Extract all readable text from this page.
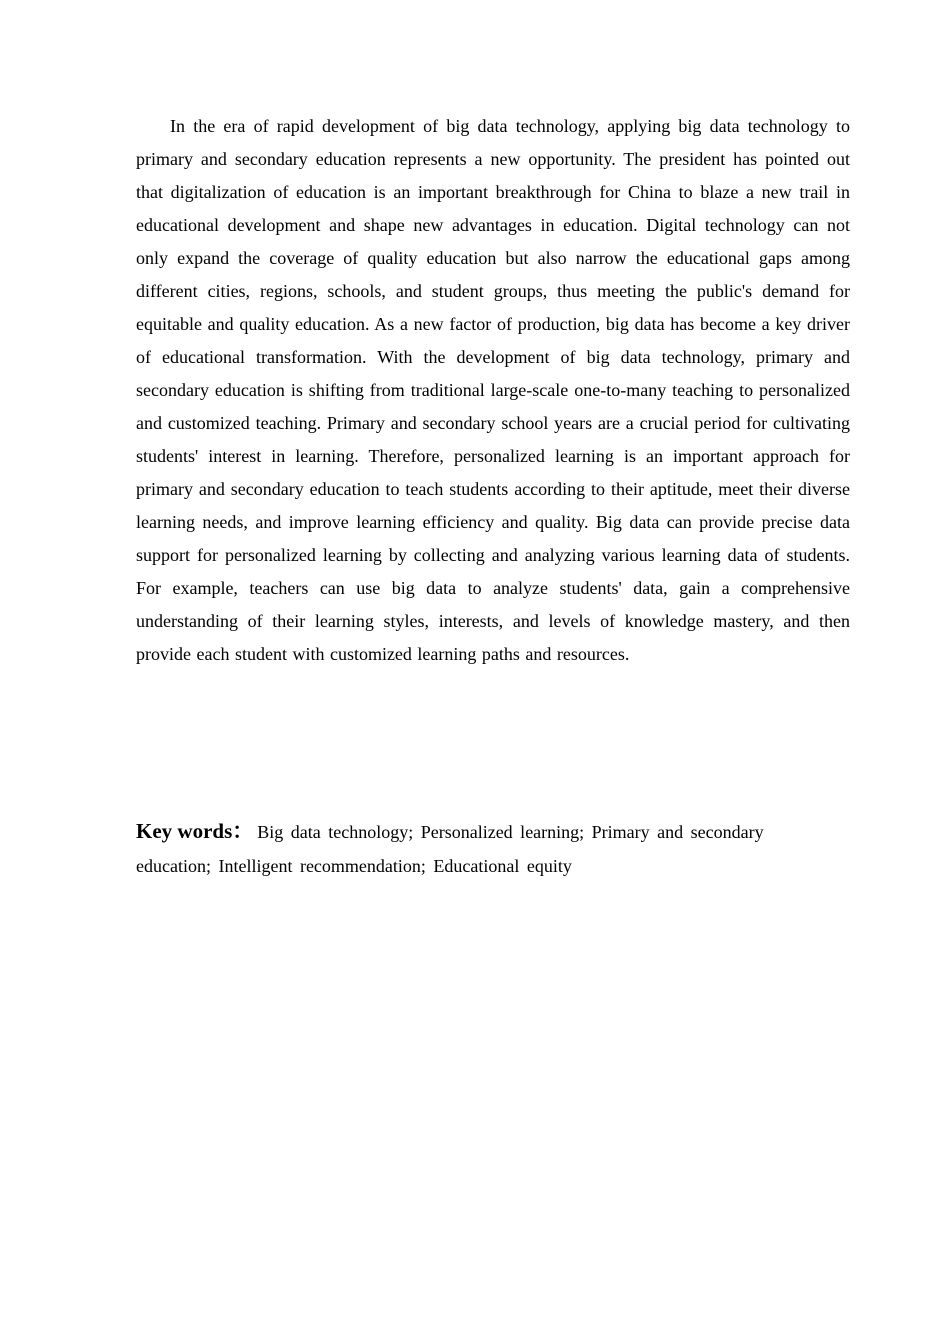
In the era of rapid development of big data technology, applying big data technology to primary and secondary education represents a new opportunity. The president has pointed out that digitalization of education is an important breakthrough for China to blaze a new trail in educational development and shape new advantages in education. Digital technology can not only expand the coverage of quality education but also narrow the educational gaps among different cities, regions, schools, and student groups, thus meeting the public's demand for equitable and quality education. As a new factor of production, big data has become a key driver of educational transformation. With the development of big data technology, primary and secondary education is shifting from traditional large-scale one-to-many teaching to personalized and customized teaching. Primary and secondary school years are a crucial period for cultivating students' interest in learning. Therefore, personalized learning is an important approach for primary and secondary education to teach students according to their aptitude, meet their diverse learning needs, and improve learning efficiency and quality. Big data can provide precise data support for personalized learning by collecting and analyzing various learning data of students. For example, teachers can use big data to analyze students' data, gain a comprehensive understanding of their learning styles, interests, and levels of knowledge mastery, and then provide each student with customized learning paths and resources.

Key words： Big data technology; Personalized learning; Primary and secondary education; Intelligent recommendation; Educational equity
